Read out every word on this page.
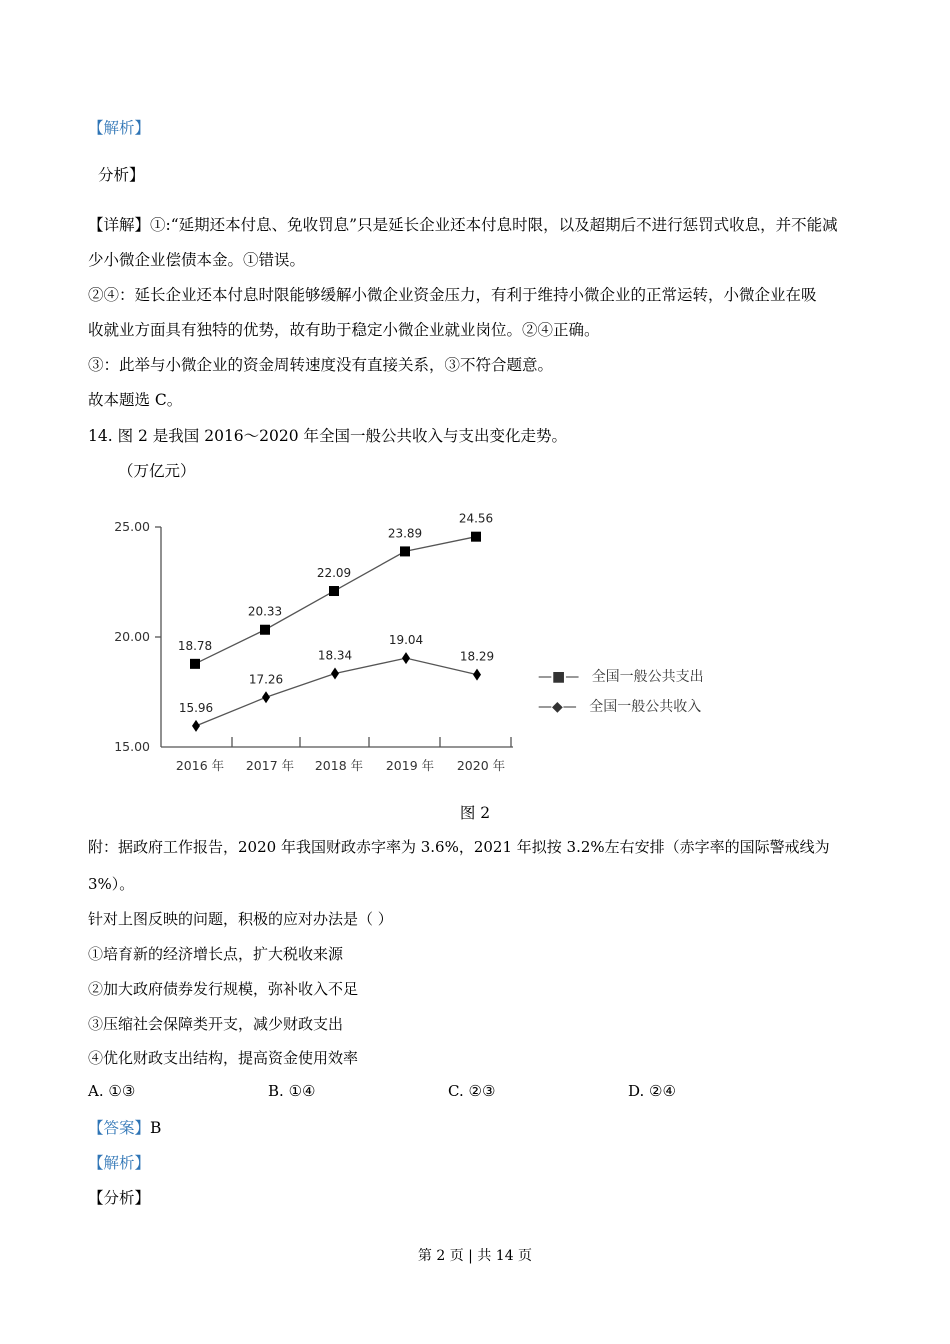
【解析】
分析】
【详解】①:“延期还本付息、免收罚息”只是延长企业还本付息时限，以及超期后不进行惩罚式收息，并不能减
少小微企业偿债本金。①错误。
②④：延长企业还本付息时限能够缓解小微企业资金压力，有利于维持小微企业的正常运转，小微企业在吸
收就业方面具有独特的优势，故有助于稳定小微企业就业岗位。②④正确。
③：此举与小微企业的资金周转速度没有直接关系，③不符合题意。
故本题选 C。
14. 图 2 是我国 2016～2020 年全国一般公共收入与支出变化走势。
（万亿元）
15.00
20.00
25.00
2016 年 2017 年 2018 年 2019 年 2020 年
18.78
20.33
22.09
23.89
24.56
15.96
17.26
18.34
19.04
18.29
—■— 全国一般公共支出
—◆— 全国一般公共收入
图 2
附：据政府工作报告，2020 年我国财政赤字率为 3.6%，2021 年拟按 3.2%左右安排（赤字率的国际警戒线为
3%）。
针对上图反映的问题，积极的应对办法是（ ）
①培育新的经济增长点，扩大税收来源
②加大政府债券发行规模，弥补收入不足
③压缩社会保障类开支，减少财政支出
④优化财政支出结构，提高资金使用效率
A. ①③	B. ①④	C. ②③	D. ②④
【答案】B
【解析】
【分析】
第 2 页 | 共 14 页
